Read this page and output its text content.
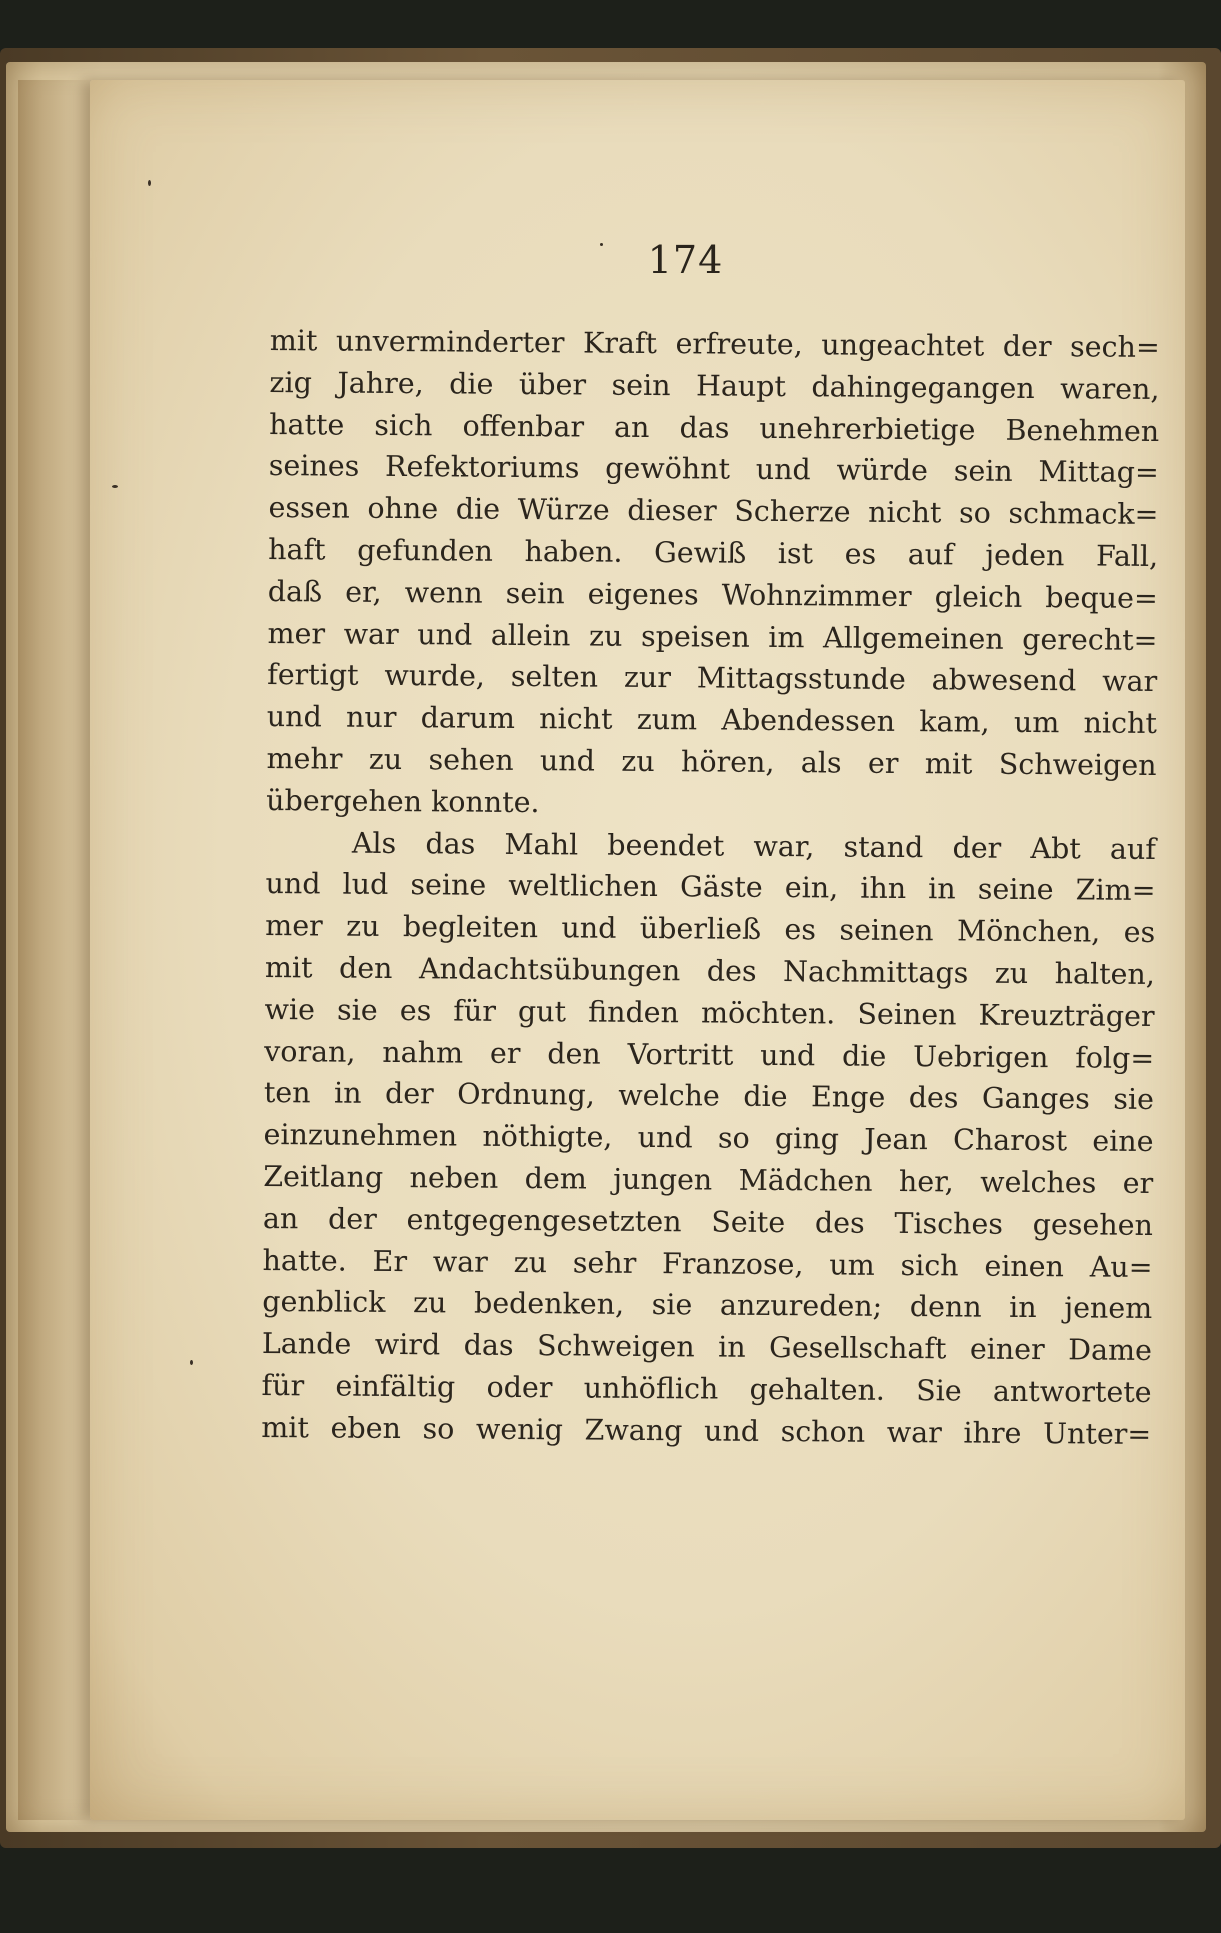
174
mit unverminderter Kraft erfreute, ungeachtet der sech=
zig Jahre, die über sein Haupt dahingegangen waren,
hatte sich offenbar an das unehrerbietige Benehmen
seines Refektoriums gewöhnt und würde sein Mittag=
essen ohne die Würze dieser Scherze nicht so schmack=
haft gefunden haben. Gewiß ist es auf jeden Fall,
daß er, wenn sein eigenes Wohnzimmer gleich beque=
mer war und allein zu speisen im Allgemeinen gerecht=
fertigt wurde, selten zur Mittagsstunde abwesend war
und nur darum nicht zum Abendessen kam, um nicht
mehr zu sehen und zu hören, als er mit Schweigen
übergehen konnte.
Als das Mahl beendet war, stand der Abt auf
und lud seine weltlichen Gäste ein, ihn in seine Zim=
mer zu begleiten und überließ es seinen Mönchen, es
mit den Andachtsübungen des Nachmittags zu halten,
wie sie es für gut finden möchten. Seinen Kreuzträger
voran, nahm er den Vortritt und die Uebrigen folg=
ten in der Ordnung, welche die Enge des Ganges sie
einzunehmen nöthigte, und so ging Jean Charost eine
Zeitlang neben dem jungen Mädchen her, welches er
an der entgegengesetzten Seite des Tisches gesehen
hatte. Er war zu sehr Franzose, um sich einen Au=
genblick zu bedenken, sie anzureden; denn in jenem
Lande wird das Schweigen in Gesellschaft einer Dame
für einfältig oder unhöflich gehalten. Sie antwortete
mit eben so wenig Zwang und schon war ihre Unter=
